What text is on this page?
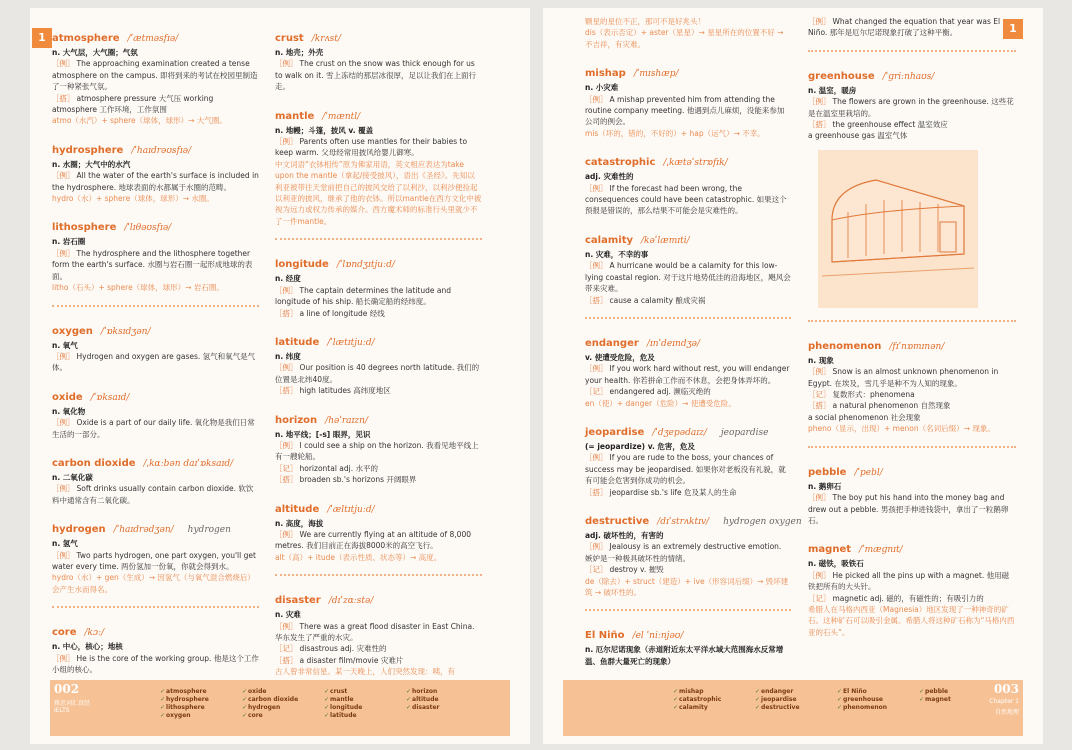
1 atmosphere /ˈætməsfɪə/
n. 大气层，大气圈；气氛
［例］ The approaching examination created a tense atmosphere on the campus. 即将到来的考试在校园里制造了一种紧张气氛。
［搭］ atmosphere pressure 大气压 working atmosphere 工作环境，工作氛围
atmo（水汽）+ sphere（球体，球形）→ 大气圈。
hydrosphere /ˈhaɪdrəʊsfɪə/
n. 水圈；大气中的水汽
［例］ All the water of the earth's surface is included in the hydrosphere. 地球表面的水都属于水圈的范畴。
hydro（水）+ sphere（球体，球形）→ 水圈。
lithosphere /ˈlɪθəʊsfɪə/
n. 岩石圈
［例］ The hydrosphere and the lithosphere together form the earth's surface. 水圈与岩石圈一起形成地球的表面。
litho（石头）+ sphere（球体，球形）→ 岩石圈。
oxygen /ˈɒksɪdʒən/
n. 氧气
［例］ Hydrogen and oxygen are gases. 氢气和氧气是气体。
oxide /ˈɒksaɪd/
n. 氧化物
［例］ Oxide is a part of our daily life. 氧化物是我们日常生活的一部分。
carbon dioxide /ˌkɑːbən daɪˈɒksaɪd/
n. 二氧化碳
［例］ Soft drinks usually contain carbon dioxide. 软饮料中通常含有二氧化碳。
hydrogen /ˈhaɪdrədʒən/ hydrogen
n. 氢气
［例］ Two parts hydrogen, one part oxygen, you'll get water every time. 两份氢加一份氧，你就会得到水。
hydro（水）+ gen（生成）→ 因氢气（与氧气混合燃烧后）会产生水而得名。
core /kɔː/
n. 中心，核心；地核
［例］ He is the core of the working group. 他是这个工作小组的核心。
crust /krʌst/
n. 地壳；外壳
［例］ The crust on the snow was thick enough for us to walk on it. 雪上冻结的那层冰很厚，足以让我们在上面行走。
mantle /ˈmæntl/
n. 地幔；斗篷，披风 v. 覆盖
［例］ Parents often use mantles for their babies to keep warm. 父母经常用披风给婴儿御寒。
中文词语“衣钵相传”原为佛家用语，英文相应表达为take upon the mantle（拿起/接受披风），语出《圣经》。先知以利亚被带往天堂前把自己的披风交给了以利沙，以利沙便捡起以利亚的披风，继承了他的衣钵。所以mantle在西方文化中被视为远力或权力传承的媒介。西方魔术师的标准行头里就少不了一件mantle。
longitude /ˈlɒndʒɪtjuːd/
n. 经度
［例］ The captain determines the latitude and longitude of his ship. 船长确定船的经纬度。
［搭］ a line of longitude 经线
latitude /ˈlætɪtjuːd/
n. 纬度
［例］ Our position is 40 degrees north latitude. 我们的位置是北纬40度。
［搭］ high latitudes 高纬度地区
horizon /həˈraɪzn/
n. 地平线；[-s] 眼界，见识
［例］ I could see a ship on the horizon. 我看见地平线上有一艘轮船。
［记］ horizontal adj. 水平的
［搭］ broaden sb.'s horizons 开阔眼界
altitude /ˈæltɪtjuːd/
n. 高度，海拔
［例］ We are currently flying at an altitude of 8,000 metres. 我们目前正在海拔8000米的高空飞行。
alt（高）+ itude（表示性质、状态等）→ 高度。
disaster /dɪˈzɑːstə/
n. 灾难
［例］ There was a great flood disaster in East China. 华东发生了严重的水灾。
［记］ disastrous adj. 灾难性的
［搭］ a disaster film/movie 灾难片
古人曾非常信星。某一天晚上，人们突然发现：咦，有
002
雅思词汇真经
IELTS
✓atmosphere
✓hydrosphere
✓lithosphere
✓oxygen
✓oxide
✓carbon dioxide
✓hydrogen
✓core
✓crust
✓mantle
✓longitude
✓latitude
✓horizon
✓altitude
✓disaster
1
颗星的星位不正，那可不是好兆头！
dis（表示否定）+ aster（星星）→ 星星所在的位置不好 → 不吉祥，有灾难。
mishap /ˈmɪshæp/
n. 小灾难
［例］ A mishap prevented him from attending the routine company meeting. 他遇到点儿麻烦，没能来参加公司的例会。
mis（坏的，错的，不好的）+ hap（运气）→ 不幸。
catastrophic /ˌkætəˈstrɒfɪk/
adj. 灾难性的
［例］ If the forecast had been wrong, the consequences could have been catastrophic. 如果这个预报是错误的，那么结果不可能会是灾难性的。
calamity /kəˈlæmɪti/
n. 灾难，不幸的事
［例］ A hurricane would be a calamity for this low-lying coastal region. 对于这片地势低洼的沿海地区，飓风会带来灾难。
［搭］ cause a calamity 酿成灾祸
endanger /ɪnˈdeɪndʒə/
v. 使遭受危险，危及
［例］ If you work hard without rest, you will endanger your health. 你若拼命工作而不休息，会把身体弄坏的。
［记］ endangered adj. 濒临灭绝的
en（使）+ danger（危险）→ 使遭受危险。
jeopardise /ˈdʒepədaɪz/ jeopardise
(= jeopardize) v. 危害，危及
［例］ If you are rude to the boss, your chances of success may be jeopardised. 如果你对老板没有礼貌，就有可能会危害到你成功的机会。
［搭］ jeopardise sb.'s life 危及某人的生命
destructive /dɪˈstrʌktɪv/ hydrogen oxygen
adj. 破坏性的，有害的
［例］ Jealousy is an extremely destructive emotion. 嫉妒是一种极具破坏性的情绪。
［记］ destroy v. 摧毁
de（除去）+ struct（建造）+ ive（形容词后缀）→ 毁坏建筑 → 破坏性的。
El Niño /el ˈniːnjəʊ/
n. 厄尔尼诺现象（赤道附近东太平洋水域大范围海水反常增温、鱼群大量死亡的现象）
［例］ What changed the equation that year was El Niño. 那年是厄尔尼诺现象打破了这种平衡。
greenhouse /ˈɡriːnhaʊs/
n. 温室，暖房
［例］ The flowers are grown in the greenhouse. 这些花是在温室里栽培的。
［搭］ the greenhouse effect 温室效应
a greenhouse gas 温室气体
phenomenon /fɪˈnɒmɪnən/
n. 现象
［例］ Snow is an almost unknown phenomenon in Egypt. 在埃及，雪几乎是种不为人知的现象。
［记］ 复数形式：phenomena
［搭］ a natural phenomenon 自然现象
a social phenomenon 社会现象
pheno（显示，出现）+ menon（名词后缀）→ 现象。
pebble /ˈpebl/
n. 鹅卵石
［例］ The boy put his hand into the money bag and drew out a pebble. 男孩把手伸进钱袋中，拿出了一粒鹅卵石。
magnet /ˈmæɡnɪt/
n. 磁铁，吸铁石
［例］ He picked all the pins up with a magnet. 他用磁铁把所有的大头针。
［记］ magnetic adj. 磁的，有磁性的；有吸引力的
希腊人在马格内西亚（Magnesia）地区发现了一种神奇的矿石。这种矿石可以吸引金属。希腊人将这种矿石称为“马格内西亚的石头”。
003
Chapter 1
自然地理
✓mishap
✓catastrophic
✓calamity
✓endanger
✓jeopardise
✓destructive
✓El Niño
✓greenhouse
✓phenomenon
✓pebble
✓magnet
